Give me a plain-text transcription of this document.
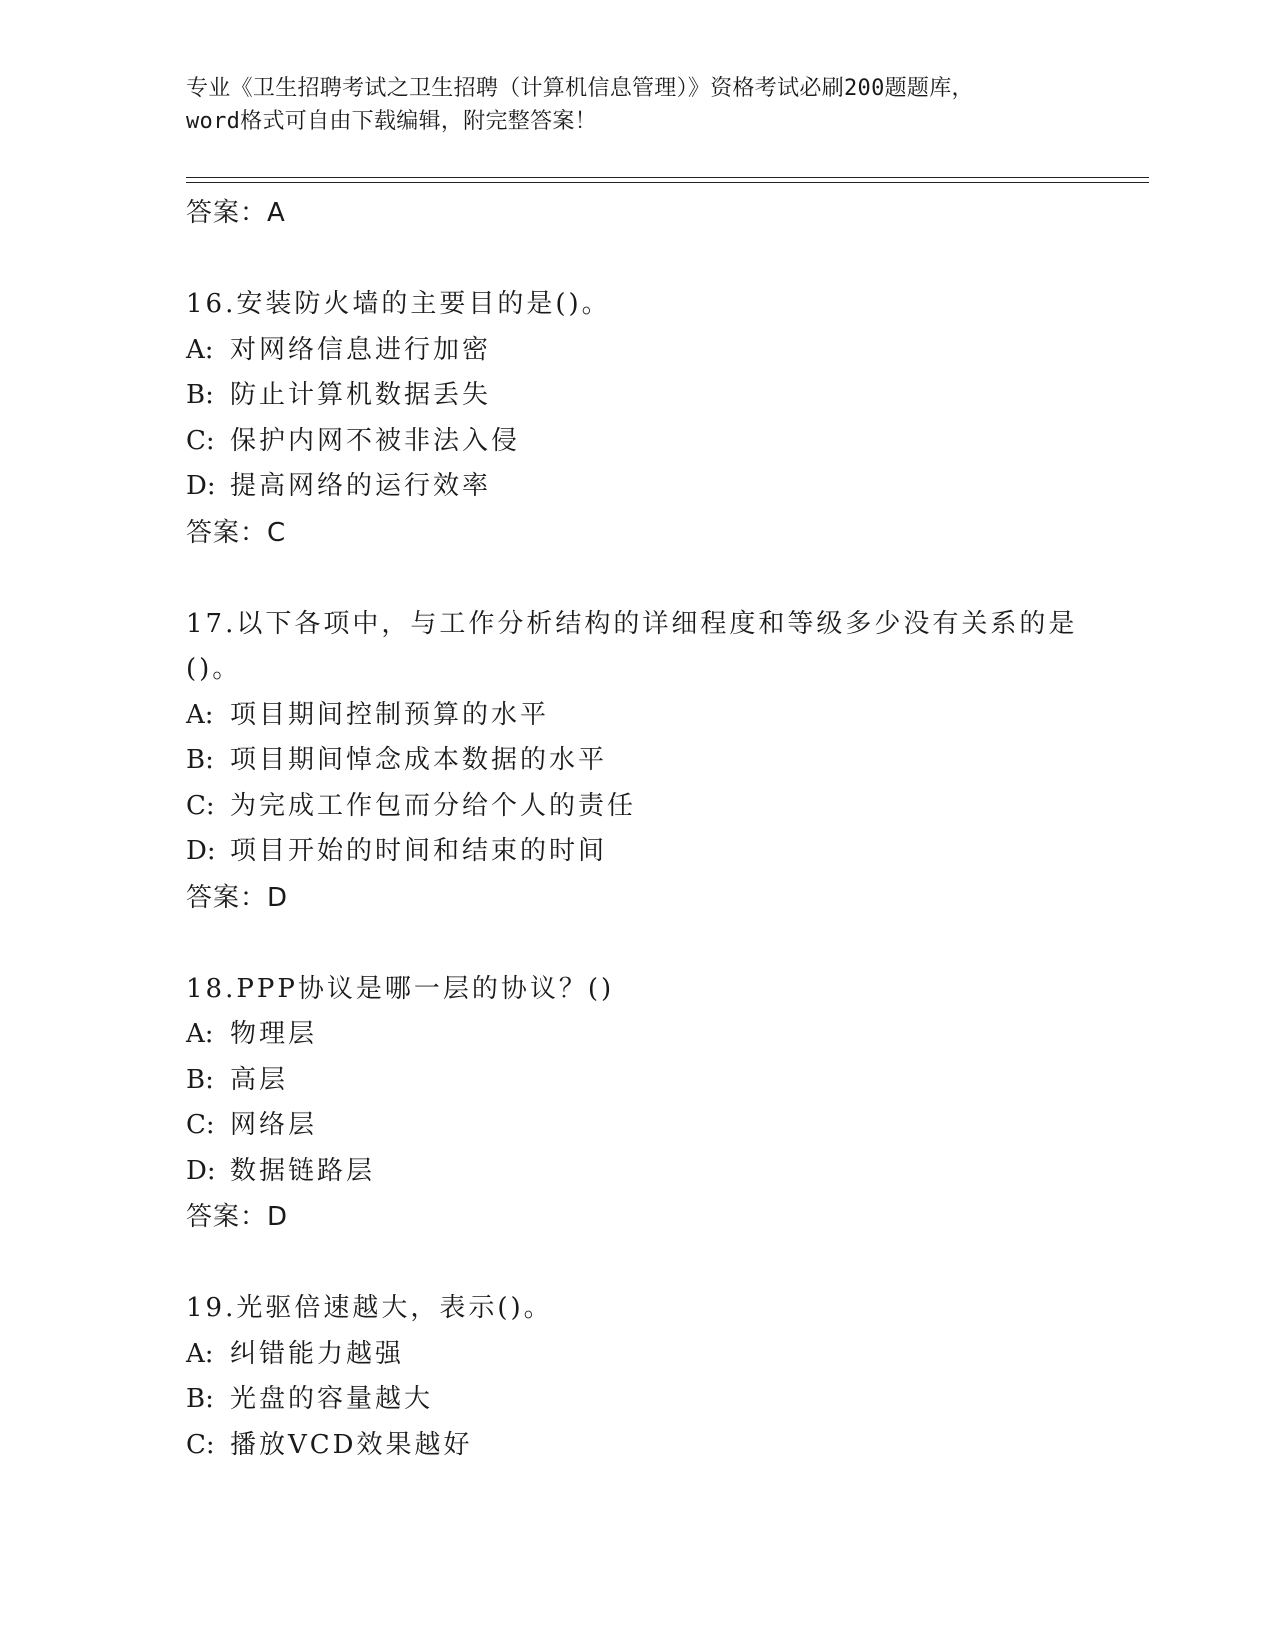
专业《卫生招聘考试之卫生招聘（计算机信息管理）》资格考试必刷200题题库，
word格式可自由下载编辑，附完整答案！
答案：A
16.安装防火墙的主要目的是()。
A: 对网络信息进行加密
B: 防止计算机数据丢失
C: 保护内网不被非法入侵
D: 提高网络的运行效率
答案：C
17.以下各项中，与工作分析结构的详细程度和等级多少没有关系的是
()。
A: 项目期间控制预算的水平
B: 项目期间悼念成本数据的水平
C: 为完成工作包而分给个人的责任
D: 项目开始的时间和结束的时间
答案：D
18.PPP协议是哪一层的协议？()
A: 物理层
B: 高层
C: 网络层
D: 数据链路层
答案：D
19.光驱倍速越大，表示()。
A: 纠错能力越强
B: 光盘的容量越大
C: 播放VCD效果越好
